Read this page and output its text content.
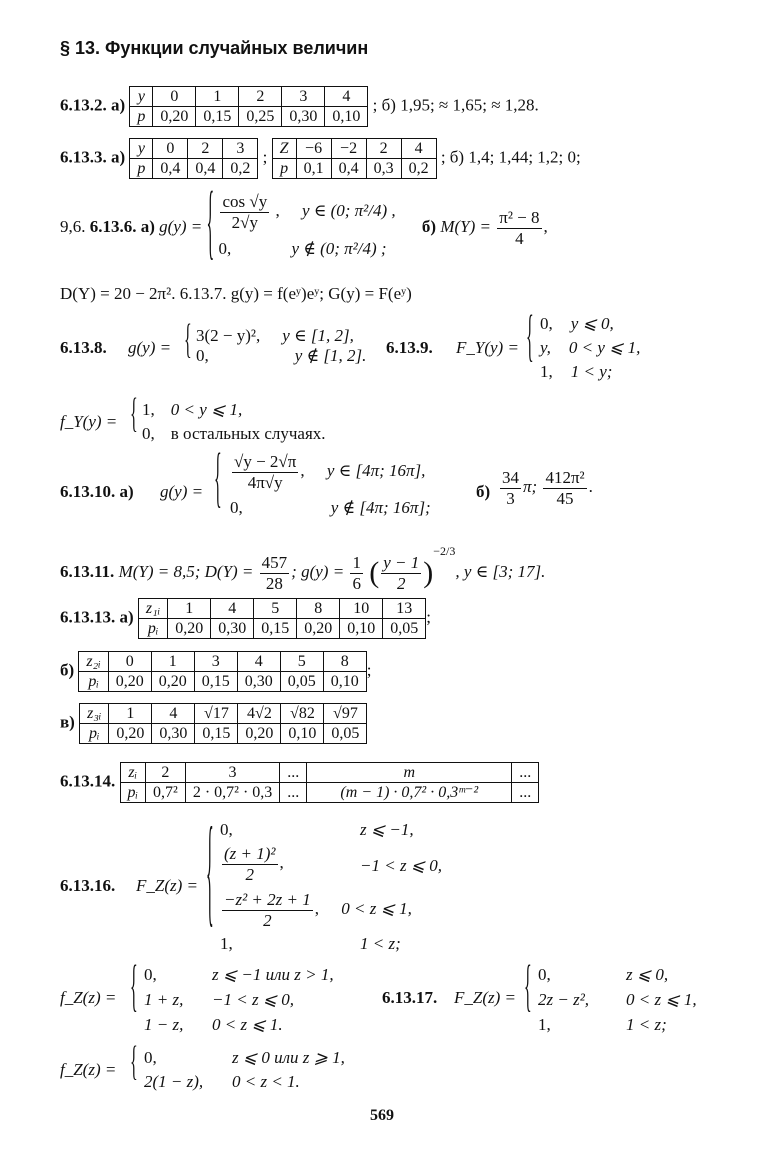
§ 13. Функции случайных величин
6.13.2. а) y	0	1	2	3	4
p	0,20	0,15	0,25	0,30	0,10 ; б) 1,95; ≈ 1,65; ≈ 1,28.
6.13.3. а) y	0	2	3
p	0,4	0,4	0,2 ; Z	−6	−2	2	4
p	0,1	0,4	0,3	0,2 ; б) 1,4; 1,44; 1,2; 0;
9,6. 6.13.6. а) g(y) = { $\frac{\cos √y}{2√y}$ , y ∈ (0; π²/4) ,
0,	y ∉ (0; π²/4) ;
б) $M(Y) = \frac{\text{π² − 8}}{4}$ ,
D(Y) = 20 − 2π². 6.13.7. g(y) = f(eʸ)eʸ; G(y) = F(eʸ)
6.13.8. g(y) = { 3(2 − y)², y ∈ [1, 2],
0,	y ∉ [1, 2]. 6.13.9. F_Y(y) = { 0, y ⩽ 0,
y, 0 < y ⩽ 1,
1, 1 < y;
f_Y(y) = { 1, 0 < y ⩽ 1,
0, в остальных случаях.
6.13.10. а) g(y) = { $\frac{√y - 2√\pi}{4\pi√y}$ , y ∈ [4π; 16π],
0,	y ∉ [4π; 16π];
$б) \frac{34}{3} \pi$; $\frac{\text{412π²}}{45}$ .
6.13.11. M(Y) = 8,5; $D(Y) = \frac{457}{28}$ ; $g(y) = \frac{1}{6}$ ( $\frac{y - 1}{2} )^{-2/3}$, y ∈ [3; 17].
6.13.13. а) z₁ᵢ	1	4	5	8	10	13
pᵢ	0,20	0,30	0,15	0,20	0,10	0,05;
б) z₂ᵢ	0	1	3	4	5	8
pᵢ	0,20	0,20	0,15	0,30	0,05	0,10;
в) z₃ᵢ	1	4	√17	4√2	√82	√97
pᵢ	0,20	0,30	0,15	0,20	0,10	0,05
6.13.14. zᵢ	2	3	...	m	...
pᵢ	0,7²	2 · 0,7² · 0,3	...	(m − 1) · 0,7² · 0,3ᵐ⁻²	...
6.13.16. F_Z(z) = { 0,	z ⩽ −1,
$\frac{\text{(z + 1)²}}{2}$ ,	−1 < z ⩽ 0,
$\frac{\text{−z² + 2z + 1}}{2}$ , 0 < z ⩽ 1,
1,	1 < z;
f_Z(z) = { 0,	z ⩽ −1 или z > 1,
1 + z, −1 < z ⩽ 0,
1 − z, 0 < z ⩽ 1.
6.13.17. F_Z(z) = { 0,	z ⩽ 0,
2z − z², 0 < z ⩽ 1,
1,	1 < z;
f_Z(z) = { 0,	z ⩽ 0 или z ⩾ 1,
2(1 − z), 0 < z < 1.
569
